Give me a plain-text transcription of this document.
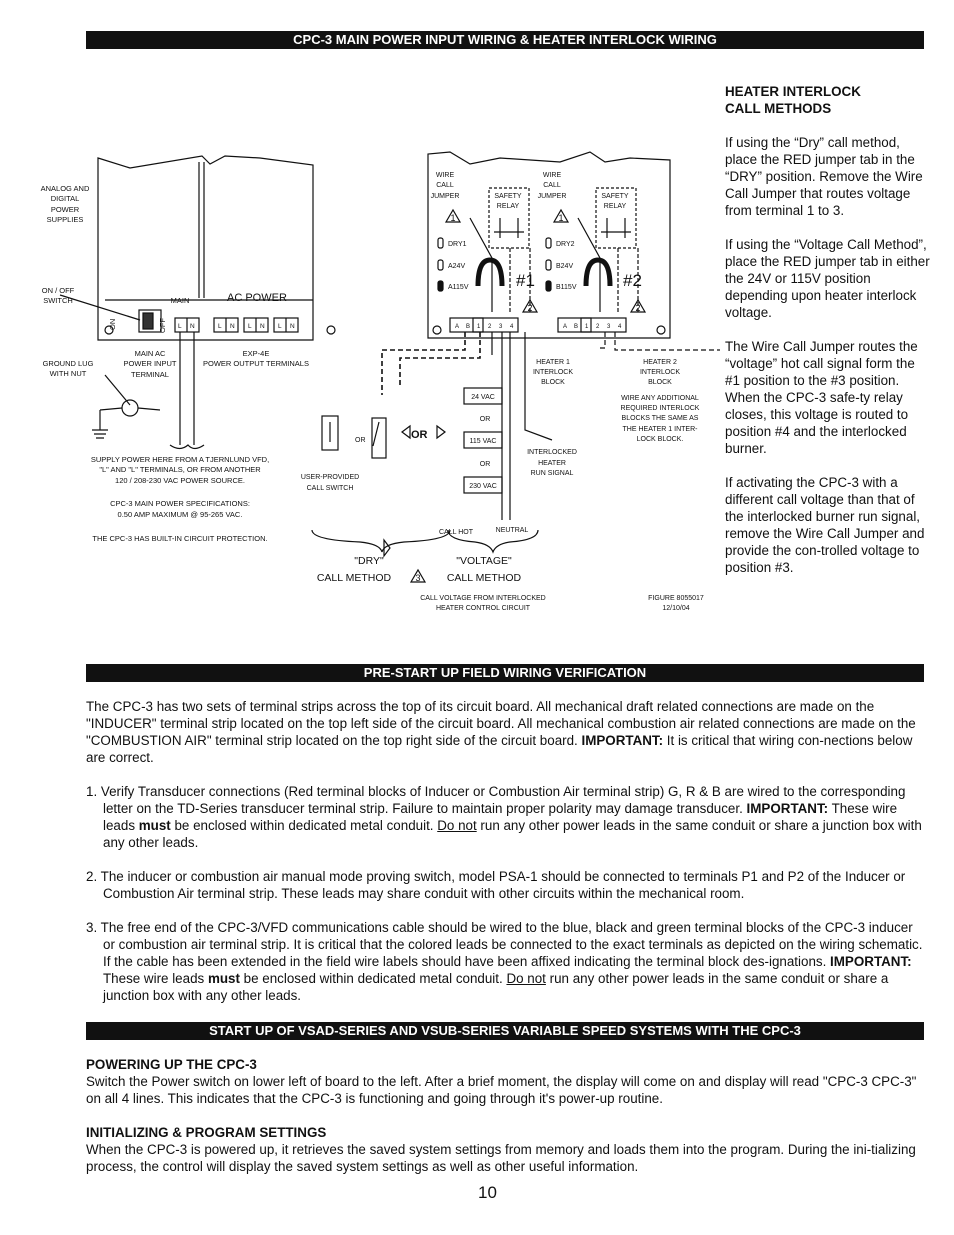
CPC-3 MAIN POWER INPUT WIRING & HEATER INTERLOCK WIRING
ANALOG AND
DIGITAL
POWER
SUPPLIES
ON / OFF
SWITCH
GROUND LUG
WITH NUT
ON	OFF
MAIN	AC POWER
L N	L N L N L N
MAIN AC
POWER INPUT
TERMINAL
EXP-4E
POWER OUTPUT TERMINALS
SUPPLY POWER HERE FROM A TJERNLUND VFD,
"L" AND "L" TERMINALS, OR FROM ANOTHER
120 / 208-230 VAC POWER SOURCE.
CPC-3 MAIN POWER SPECIFICATIONS:
0.50 AMP MAXIMUM @ 95-265 VAC.
THE CPC-3 HAS BUILT-IN CIRCUIT PROTECTION.
WIRE
CALL
JUMPER	SAFETY
RELAY
WIRE
CALL
JUMPER	SAFETY
RELAY
DRY1
A24V
A115V
DRY2
B24V
B115V
#1	#2
1	1
2	2
3
A B 1 2 3 4	A B 1 2 3 4
HEATER 1
INTERLOCK
BLOCK
HEATER 2
INTERLOCK
BLOCK
WIRE ANY ADDITIONAL
REQUIRED INTERLOCK
BLOCKS THE SAME AS
THE HEATER 1 INTER-
LOCK BLOCK.
24 VAC
OR
115 VAC
OR
230 VAC
INTERLOCKED
HEATER
RUN SIGNAL
OR	OR
USER-PROVIDED
CALL SWITCH
CALL HOT	NEUTRAL
"DRY"
CALL METHOD
"VOLTAGE"
CALL METHOD
CALL VOLTAGE FROM INTERLOCKED
HEATER CONTROL CIRCUIT
FIGURE 8055017
12/10/04
HEATER INTERLOCK
CALL METHODS

If using the “Dry” call method, place the RED jumper tab in the “DRY” position. Remove the Wire Call Jumper that routes voltage from terminal 1 to 3.

If using the “Voltage Call Method”, place the RED jumper tab in either the 24V or 115V position depending upon heater interlock voltage.

The Wire Call Jumper routes the “voltage” hot call signal form the #1 position to the #3 position. When the CPC-3 safe-ty relay closes, this voltage is routed to position #4 and the interlocked burner.

If activating the CPC-3 with a different call voltage than that of the interlocked burner run signal, remove the Wire Call Jumper and provide the con-trolled voltage to position #3.

PRE-START UP FIELD WIRING VERIFICATION

The CPC-3 has two sets of terminal strips across the top of its circuit board. All mechanical draft related connections are made on the "INDUCER" terminal strip located on the top left side of the circuit board. All mechanical combustion air related connections are made on the "COMBUSTION AIR" terminal strip located on the top right side of the circuit board. IMPORTANT: It is critical that wiring con-nections below are correct.

1. Verify Transducer connections (Red terminal blocks of Inducer or Combustion Air terminal strip) G, R & B are wired to the corresponding letter on the TD-Series transducer terminal strip. Failure to maintain proper polarity may damage transducer. IMPORTANT: These wire leads must be enclosed within dedicated metal conduit. Do not run any other power leads in the same conduit or share a junction box with any other leads.

2. The inducer or combustion air manual mode proving switch, model PSA-1 should be connected to terminals P1 and P2 of the Inducer or Combustion Air terminal strip. These leads may share conduit with other circuits within the mechanical room.

3. The free end of the CPC-3/VFD communications cable should be wired to the blue, black and green terminal blocks of the CPC-3 inducer or combustion air terminal strip. It is critical that the colored leads be connected to the exact terminals as depicted on the wiring schematic. If the cable has been extended in the field wire labels should have been affixed indicating the terminal block des-ignations. IMPORTANT: These wire leads must be enclosed within dedicated metal conduit. Do not run any other power leads in the same conduit or share a junction box with any other leads.

START UP OF VSAD-SERIES AND VSUB-SERIES VARIABLE SPEED SYSTEMS WITH THE CPC-3

POWERING UP THE CPC-3

Switch the Power switch on lower left of board to the left. After a brief moment, the display will come on and display will read "CPC-3 CPC-3" on all 4 lines. This indicates that the CPC-3 is functioning and going through it's power-up routine.

INITIALIZING & PROGRAM SETTINGS

When the CPC-3 is powered up, it retrieves the saved system settings from memory and loads them into the program. During the ini-tializing process, the control will display the saved system settings as well as other useful information.

10
